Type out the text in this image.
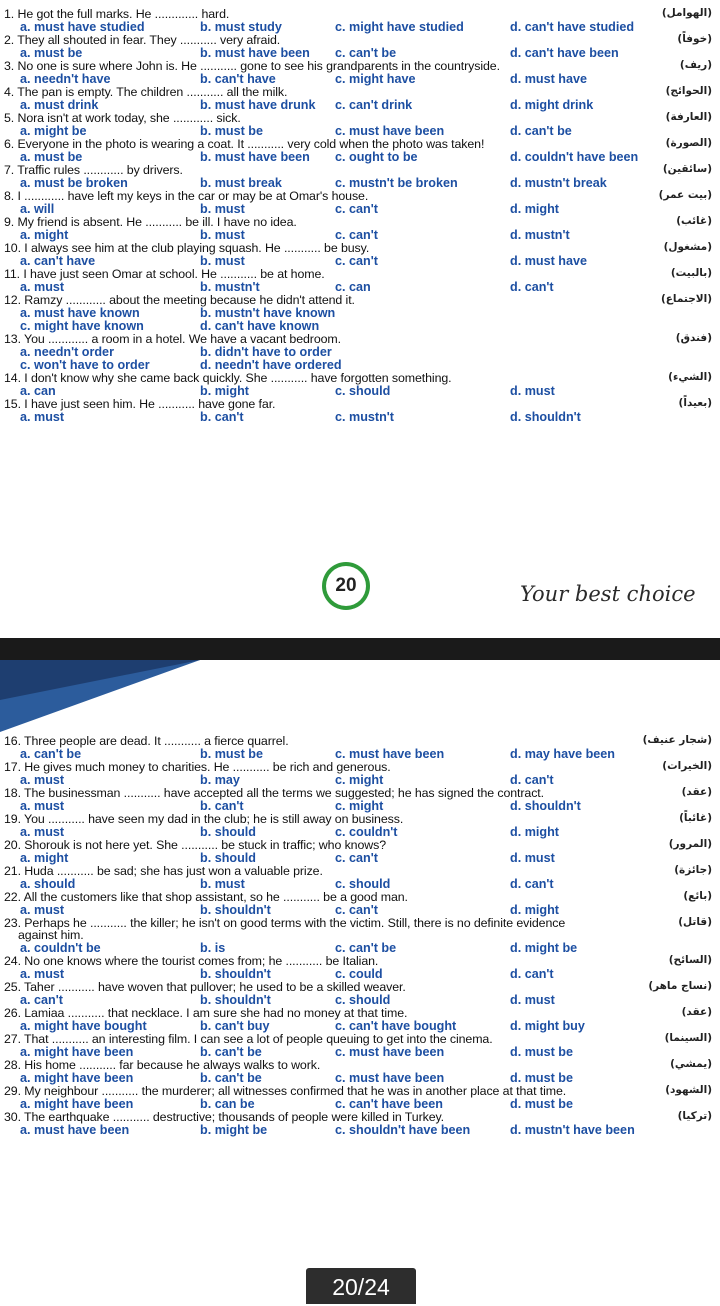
1. He got the full marks. He ............. hard.	(الهوامل)
a. must have studied	b. must study	c. might have studied	d. can't have studied
2. They all shouted in fear. They ........... very afraid.	(خوفاً)
a. must be	b. must have been c. can't be	d. can't have been
3. No one is sure where John is. He ........... gone to see his grandparents in the countryside.	(ريف)
a. needn't have	b. can't have	c. might have	d. must have
4. The pan is empty. The children ........... all the milk.	(الحوائج)
a. must drink	b. must have drunk c. can't drink	d. might drink
5. Nora isn't at work today, she ............ sick.	(العارفة)
a. might be	b. must be	c. must have been	d. can't be
6. Everyone in the photo is wearing a coat. It ........... very cold when the photo was taken!	(الصورة)
a. must be	b. must have been c. ought to be	d. couldn't have been
7. Traffic rules ............ by drivers.	(سائقين)
a. must be broken	b. must break	c. mustn't be broken	d. mustn't break
8. I ............ have left my keys in the car or may be at Omar's house.	(بيت عمر)
a. will	b. must	c. can't	d. might
9. My friend is absent. He ........... be ill. I have no idea.	(غائب)
a. might	b. must	c. can't	d. mustn't
10. I always see him at the club playing squash. He ........... be busy.	(مشغول)
a. can't have	b. must	c. can't	d. must have
11. I have just seen Omar at school. He ........... be at home.	(بالبيت)
a. must	b. mustn't	c. can	d. can't
12. Ramzy ............ about the meeting because he didn't attend it.	(الاجتماع)
a. must have known	b. mustn't have known
c. might have known	d. can't have known
13. You ............ a room in a hotel. We have a vacant bedroom.	(فندق)
a. needn't order	b. didn't have to order
c. won't have to order	d. needn't have ordered
14. I don't know why she came back quickly. She ........... have forgotten something.	(الشيء)
a. can	b. might	c. should	d. must
15. I have just seen him. He ........... have gone far.	(بعيداً)
a. must	b. can't	c. mustn't	d. shouldn't
20	Your best choice
16. Three people are dead. It ........... a fierce quarrel.	(شجار عنيف)
a. can't be	b. must be	c. must have been	d. may have been
17. He gives much money to charities. He ........... be rich and generous.	(الخيرات)
a. must	b. may	c. might	d. can't
18. The businessman ........... have accepted all the terms we suggested; he has signed the contract.	(عقد)
a. must	b. can't	c. might	d. shouldn't
19. You ........... have seen my dad in the club; he is still away on business.	(غائباً)
a. must	b. should	c. couldn't	d. might
20. Shorouk is not here yet. She ........... be stuck in traffic; who knows?	(المرور)
a. might	b. should	c. can't	d. must
21. Huda ........... be sad; she has just won a valuable prize.	(جائزة)
a. should	b. must	c. should	d. can't
22. All the customers like that shop assistant, so he ........... be a good man.	(بائع)
a. must	b. shouldn't	c. can't	d. might
23. Perhaps he ........... the killer; he isn't on good terms with the victim. Still, there is no definite evidence	(قاتل)
against him.
a. couldn't be	b. is	c. can't be	d. might be
24. No one knows where the tourist comes from; he ........... be Italian.	(السائح)
a. must	b. shouldn't	c. could	d. can't
25. Taher ........... have woven that pullover; he used to be a skilled weaver.	(نساج ماهر)
a. can't	b. shouldn't	c. should	d. must
26. Lamiaa ........... that necklace. I am sure she had no money at that time.	(عقد)
a. might have bought	b. can't buy	c. can't have bought	d. might buy
27. That ........... an interesting film. I can see a lot of people queuing to get into the cinema.	(السينما)
a. might have been	b. can't be	c. must have been	d. must be
28. His home ........... far because he always walks to work.	(يمشي)
a. might have been	b. can't be	c. must have been	d. must be
29. My neighbour ........... the murderer; all witnesses confirmed that he was in another place at that time.	(الشهود)
a. might have been	b. can be	c. can't have been	d. must be
30. The earthquake ........... destructive; thousands of people were killed in Turkey.	(تركيا)
a. must have been	b. might be	c. shouldn't have been	d. mustn't have been
20/24
